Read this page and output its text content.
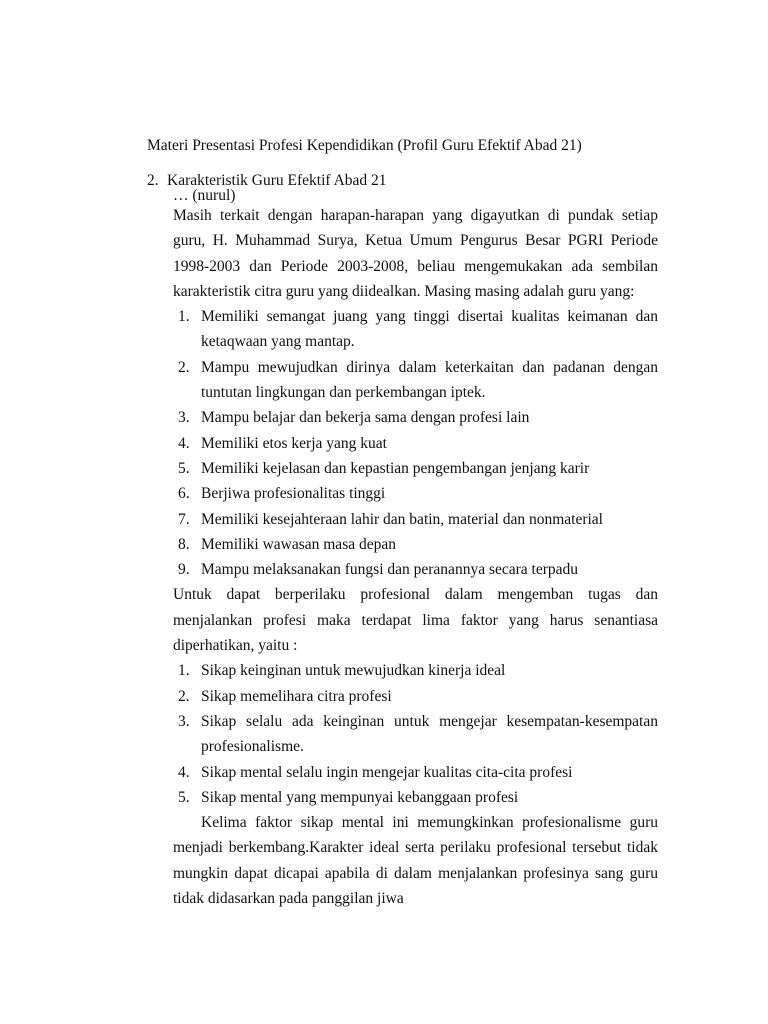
Materi Presentasi Profesi Kependidikan (Profil Guru Efektif Abad 21)
2. Karakteristik Guru Efektif Abad 21
… (nurul)

Masih terkait dengan harapan-harapan yang digayutkan di pundak setiap guru, H. Muhammad Surya, Ketua Umum Pengurus Besar PGRI Periode 1998-2003 dan Periode 2003-2008, beliau mengemukakan ada sembilan karakteristik citra guru yang diidealkan. Masing masing adalah guru yang:

1. Memiliki semangat juang yang tinggi disertai kualitas keimanan dan ketaqwaan yang mantap.
2. Mampu mewujudkan dirinya dalam keterkaitan dan padanan dengan tuntutan lingkungan dan perkembangan iptek.
3. Mampu belajar dan bekerja sama dengan profesi lain
4. Memiliki etos kerja yang kuat
5. Memiliki kejelasan dan kepastian pengembangan jenjang karir
6. Berjiwa profesionalitas tinggi
7. Memiliki kesejahteraan lahir dan batin, material dan nonmaterial
8. Memiliki wawasan masa depan
9. Mampu melaksanakan fungsi dan peranannya secara terpadu

Untuk dapat berperilaku profesional dalam mengemban tugas dan menjalankan profesi maka terdapat lima faktor yang harus senantiasa diperhatikan, yaitu :

1. Sikap keinginan untuk mewujudkan kinerja ideal
2. Sikap memelihara citra profesi
3. Sikap selalu ada keinginan untuk mengejar kesempatan-kesempatan profesionalisme.
4. Sikap mental selalu ingin mengejar kualitas cita-cita profesi
5. Sikap mental yang mempunyai kebanggaan profesi

Kelima faktor sikap mental ini memungkinkan profesionalisme guru menjadi berkembang.Karakter ideal serta perilaku profesional tersebut tidak mungkin dapat dicapai apabila di dalam menjalankan profesinya sang guru tidak didasarkan pada panggilan jiwa
